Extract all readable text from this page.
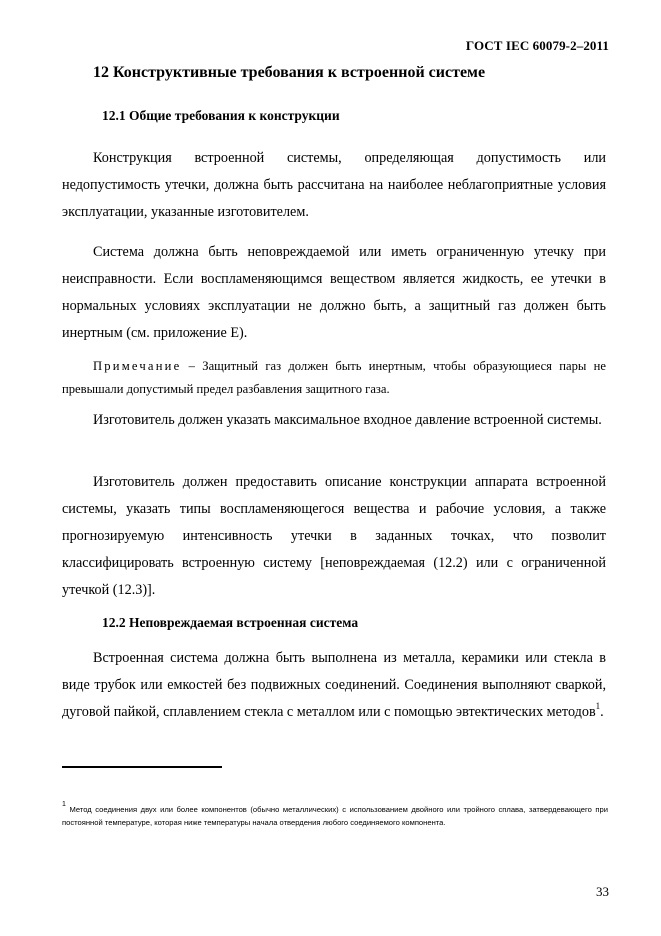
ГОСТ IEC 60079-2–2011
12 Конструктивные требования к встроенной системе
12.1 Общие требования к конструкции
Конструкция встроенной системы, определяющая допустимость или недопустимость утечки, должна быть рассчитана на наиболее неблагоприятные условия эксплуатации, указанные изготовителем.
Система должна быть неповреждаемой или иметь ограниченную утечку при неисправности. Если воспламеняющимся веществом является жидкость, ее утечки в нормальных условиях эксплуатации не должно быть, а защитный газ должен быть инертным (см. приложение Е).
Примечание – Защитный газ должен быть инертным, чтобы образующиеся пары не превышали допустимый предел разбавления защитного газа.
Изготовитель должен указать максимальное входное давление встроенной системы.
Изготовитель должен предоставить описание конструкции аппарата встроенной системы, указать типы воспламеняющегося вещества и рабочие условия, а также прогнозируемую интенсивность утечки в заданных точках, что позволит классифицировать встроенную систему [неповреждаемая (12.2) или с ограниченной утечкой (12.3)].
12.2 Неповреждаемая встроенная система
Встроенная система должна быть выполнена из металла, керамики или стекла в виде трубок или емкостей без подвижных соединений. Соединения выполняют сваркой, дуговой пайкой, сплавлением стекла с металлом или с помощью эвтектических методов$^1$.
$^1$ Метод соединения двух или более компонентов (обычно металлических) с использованием двойного или тройного сплава, затвердевающего при постоянной температуре, которая ниже температуры начала отвердения любого соединяемого компонента.
33
